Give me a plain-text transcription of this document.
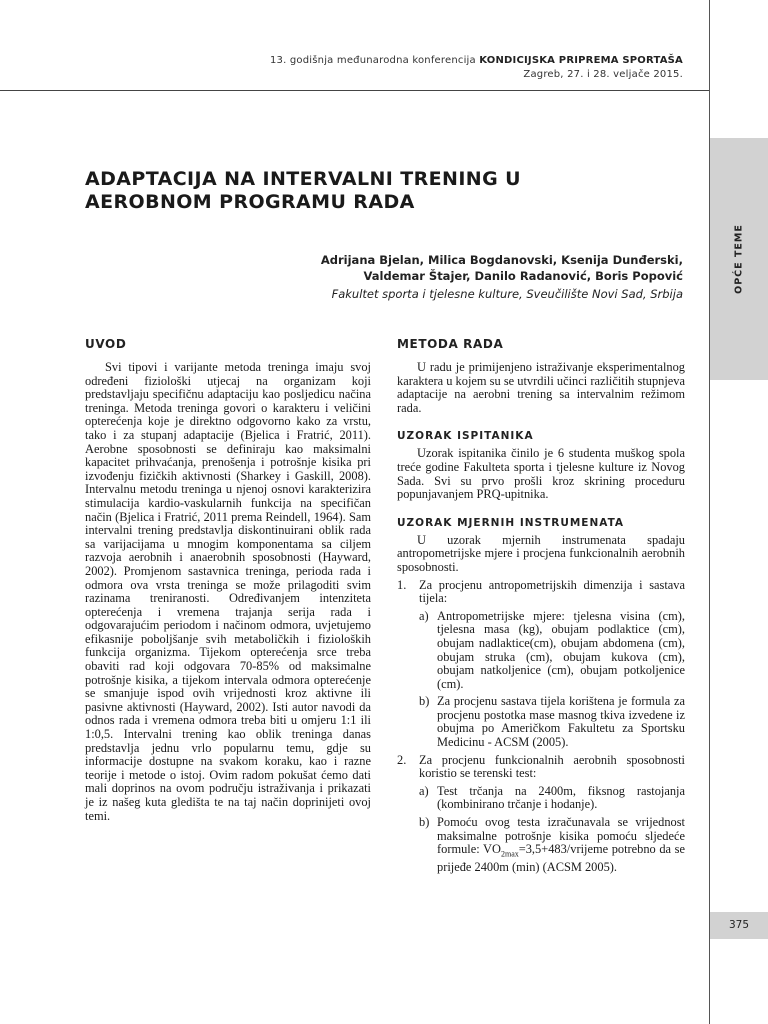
13. godišnja međunarodna konferencija KONDICIJSKA PRIPREMA SPORTAŠA
Zagreb, 27. i 28. veljače 2015.
OPĆE TEME
375
ADAPTACIJA NA INTERVALNI TRENING U
AEROBNOM PROGRAMU RADA
Adrijana Bjelan, Milica Bogdanovski, Ksenija Dunđerski,
Valdemar Štajer, Danilo Radanović, Boris Popović
Fakultet sporta i tjelesne kulture, Sveučilište Novi Sad, Srbija
UVOD

Svi tipovi i varijante metoda treninga imaju svoj određeni fiziološki utjecaj na organizam koji predstavljaju specifičnu adaptaciju kao posljedicu načina treninga. Metoda treninga govori o karakteru i veličini opterećenja koje je direktno odgovorno kako za vrstu, tako i za stupanj adaptacije (Bjelica i Fratrić, 2011). Aerobne sposobnosti se definiraju kao maksimalni kapacitet prihvaćanja, prenošenja i potrošnje kisika pri izvođenju fizičkih aktivnosti (Sharkey i Gaskill, 2008). Intervalnu metodu treninga u njenoj osnovi karakterizira stimulacija kardio-vaskularnih funkcija na specifičan način (Bjelica i Fratrić, 2011 prema Reindell, 1964). Sam intervalni trening predstavlja diskontinuirani oblik rada sa varijacijama u mnogim komponentama sa ciljem razvoja aerobnih i anaerobnih sposobnosti (Hayward, 2002). Promjenom sastavnica treninga, perioda rada i odmora ova vrsta treninga se može prilagoditi svim razinama treniranosti. Određivanjem intenziteta opterećenja i vremena trajanja serija rada i odgovarajućim periodom i načinom odmora, uvjetujemo efikasnije poboljšanje svih metaboličkih i fizioloških funkcija organizma. Tijekom opterećenja srce treba obaviti rad koji odgovara 70-85% od maksimalne potrošnje kisika, a tijekom intervala odmora opterećenje se smanjuje ispod ovih vrijednosti kroz aktivne ili pasivne aktivnosti (Hayward, 2002). Isti autor navodi da odnos rada i vremena odmora treba biti u omjeru 1:1 ili 1:0,5. Intervalni trening kao oblik treninga danas predstavlja jednu vrlo popularnu temu, gdje su informacije dostupne na svakom koraku, kao i razne teorije i metode o istoj. Ovim radom pokušat ćemo dati mali doprinos na ovom području istraživanja i prikazati je iz našeg kuta gledišta te na taj način doprinijeti ovoj temi.

METODA RADA

U radu je primijenjeno istraživanje eksperimentalnog karaktera u kojem su se utvrdili učinci različitih stupnjeva adaptacije na aerobni trening sa intervalnim režimom rada.

UZORAK ISPITANIKA

Uzorak ispitanika činilo je 6 studenta muškog spola treće godine Fakulteta sporta i tjelesne kulture iz Novog Sada. Svi su prvo prošli kroz skrining proceduru popunjavanjem PRQ-upitnika.

UZORAK MJERNIH INSTRUMENATA

U uzorak mjernih instrumenata spadaju antropometrijske mjere i procjena funkcionalnih aerobnih sposobnosti.

1. Za procjenu antropometrijskih dimenzija i sastava tijela:
a) Antropometrijske mjere: tjelesna visina (cm), tjelesna masa (kg), obujam podlaktice (cm), obujam nadlaktice(cm), obujam abdomena (cm), obujam struka (cm), obujam kukova (cm), obujam natkoljenice (cm), obujam potkoljenice (cm).
b) Za procjenu sastava tijela korištena je formula za procjenu postotka mase masnog tkiva izvedene iz obujma po Američkom Fakultetu za Sportsku Medicinu - ACSM (2005).
2. Za procjenu funkcionalnih aerobnih sposobnosti koristio se terenski test:
a) Test trčanja na 2400m, fiksnog rastojanja (kombinirano trčanje i hodanje).
b) Pomoću ovog testa izračunavala se vrijednost maksimalne potrošnje kisika pomoću sljedeće formule: $VO_{2max}=3,5+483$/vrijeme potrebno da se prijeđe 2400m (min) (ACSM 2005).
